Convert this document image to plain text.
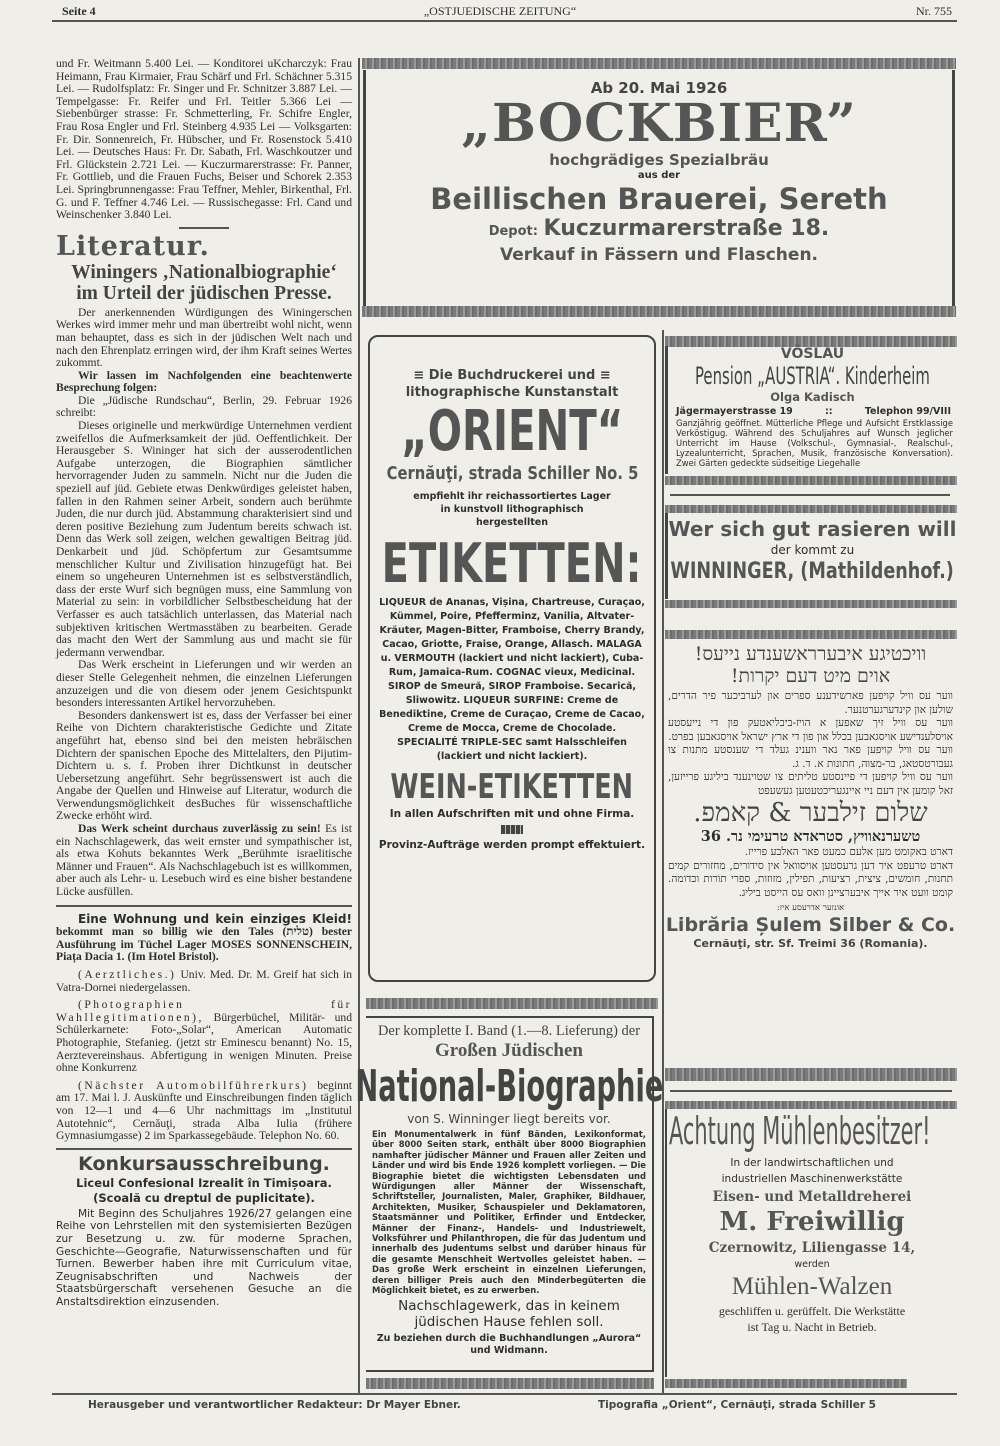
Seite 4	„OSTJUEDISCHE ZEITUNG“	Nr. 755

und Fr. Weitmann 5.400 Lei. — Konditorei uKcharczyk: Frau Heimann, Frau Kirmaier, Frau Schärf und Frl. Schächner 5.315 Lei. — Rudolfsplatz: Fr. Singer und Fr. Schnitzer 3.887 Lei. — Tempelgasse: Fr. Reifer und Frl. Teitler 5.366 Lei — Siebenbürger strasse: Fr. Schmetterling, Fr. Schifre Engler, Frau Rosa Engler und Frl. Steinberg 4.935 Lei — Volksgarten: Fr. Dir. Sonnenreich, Fr. Hübscher, und Fr. Rosenstock 5.410 Lei. — Deutsches Haus: Fr. Dr. Sabath, Frl. Waschkoutzer und Frl. Glückstein 2.721 Lei. — Kuczurmarerstrasse: Fr. Panner, Fr. Gottlieb, und die Frauen Fuchs, Beiser und Schorek 2.353 Lei. Springbrunnengasse: Frau Teffner, Mehler, Birkenthal, Frl. G. und F. Teffner 4.746 Lei. — Russischegasse: Frl. Cand und Weinschenker 3.840 Lei.

Literatur.
Winingers ‚Nationalbiographie‘
im Urteil der jüdischen Presse.

Der anerkennenden Würdigungen des Winingerschen Werkes wird immer mehr und man übertreibt wohl nicht, wenn man behauptet, dass es sich in der jüdischen Welt nach und nach den Ehrenplatz erringen wird, der ihm Kraft seines Wertes zukommt.

Wir lassen im Nachfolgenden eine beachtenwerte Besprechung folgen:

Die „Jüdische Rundschau“, Berlin, 29. Februar 1926 schreibt:

Dieses originelle und merkwürdige Unternehmen verdient zweifellos die Aufmerksamkeit der jüd. Oeffentlichkeit. Der Herausgeber S. Wininger hat sich der ausserodentlichen Aufgabe unterzogen, die Biographien sämtlicher hervorragender Juden zu sammeln. Nicht nur die Juden die speziell auf jüd. Gebiete etwas Denkwürdiges geleistet haben, fallen in den Rahmen seiner Arbeit, sondern auch berühmte Juden, die nur durch jüd. Abstammung charakterisiert sind und deren positive Beziehung zum Judentum bereits schwach ist. Denn das Werk soll zeigen, welchen gewaltigen Beitrag jüd. Denkarbeit und jüd. Schöpfertum zur Gesamtsumme menschlicher Kultur und Zivilisation hinzugefügt hat. Bei einem so ungeheuren Unternehmen ist es selbstverständlich, dass der erste Wurf sich begnügen muss, eine Sammlung von Material zu sein: in vorbildlicher Selbstbescheidung hat der Verfasser es auch tatsächlich unterlassen, das Material nach subjektiven kritischen Wertmasstäben zu bearbeiten. Gerade das macht den Wert der Sammlung aus und macht sie für jedermann verwendbar.

Das Werk erscheint in Lieferungen und wir werden an dieser Stelle Gelegenheit nehmen, die einzelnen Lieferungen anzuzeigen und die von diesem oder jenem Gesichtspunkt besonders interessanten Artikel hervorzuheben.

Besonders dankenswert ist es, dass der Verfasser bei einer Reihe von Dichtern charakteristische Gedichte und Zitate angeführt hat, ebenso sind bei den meisten hebräischen Dichtern der spanischen Epoche des Mittelalters, den Pijutim-Dichtern u. s. f. Proben ihrer Dichtkunst in deutscher Uebersetzung angeführt. Sehr begrüssenswert ist auch die Angabe der Quellen und Hinweise auf Literatur, wodurch die Verwendungsmöglichkeit desBuches für wissenschaftliche Zwecke erhöht wird.

Das Werk scheint durchaus zuverlässig zu sein! Es ist ein Nachschlagewerk, das weit ernster und sympathischer ist, als etwa Kohuts bekanntes Werk „Berühmte israelitische Männer und Frauen“. Als Nachschlagebuch ist es willkommen, aber auch als Lehr- u. Lesebuch wird es eine bisher bestandene Lücke ausfüllen.

Eine Wohnung und kein einziges Kleid! bekommt man so billig wie den Tales (טלית) bester Ausführung im Tüchel Lager MOSES SONNENSCHEIN, Piața Dacia 1. (Im Hotel Bristol).

(Aerztliches.) Univ. Med. Dr. M. Greif hat sich in Vatra-Dornei niedergelassen.

(Photographien für Wahllegitimationen), Bürgerbüchel, Militär- und Schülerkarnete: Foto-„Solar“, American Automatic Photographie, Stefanieg. (jetzt str Eminescu benannt) No. 15, Aerztevereinshaus. Abfertigung in wenigen Minuten. Preise ohne Konkurrenz

(Nächster Automobilführerkurs) beginnt am 17. Mai l. J. Auskünfte und Einschreibungen finden täglich von 12—1 und 4—6 Uhr nachmittags im „Institutul Autotehnic“, Cernăuţi, strada Alba Iulia (frühere Gymnasiumgasse) 2 im Sparkassegebäude. Telephon No. 60.

Konkursausschreibung.
Liceul Confesional Izrealit în Timișoara.
(Scoală cu dreptul de puplicitate).

Mit Beginn des Schuljahres 1926/27 gelangen eine Reihe von Lehrstellen mit den systemisierten Bezügen zur Besetzung u. zw. für moderne Sprachen, Geschichte—Geografie, Naturwissenschaften und für Turnen. Bewerber haben ihre mit Curriculum vitae, Zeugnisabschriften und Nachweis der Staatsbürgerschaft versehenen Gesuche an die Anstaltsdirektion einzusenden.

Ab 20. Mai 1926
„BOCKBIER”
hochgrädiges Spezialbräu
aus der
Beillischen Brauerei, Sereth
Depot: Kuczurmarerstraße 18.
Verkauf in Fässern und Flaschen.
≡ Die Buchdruckerei und ≡
lithographische Kunstanstalt
„ORIENT“
Cernăuţi, strada Schiller No. 5
empfiehlt ihr reichassortiertes Lager in kunstvoll lithographisch hergestellten
ETIKETTEN:
LIQUEUR de Ananas, Vișina, Chartreuse, Curaçao, Kümmel, Poire, Pfefferminz, Vanilia, Altvater-Kräuter, Magen-Bitter, Framboise, Cherry Brandy, Cacao, Griotte, Fraise, Orange, Allasch. MALAGA u. VERMOUTH (lackiert und nicht lackiert), Cuba-Rum, Jamaica-Rum. COGNAC vieux, Medicinal. SIROP de Smeură, SIROP Framboise. Secarică, Sliwowitz. LIQUEUR SURFINE: Creme de Benediktine, Creme de Curaçao, Creme de Cacao, Creme de Mocca, Creme de Chocolade. SPECIALITÉ TRIPLE-SEC samt Halsschleifen (lackiert und nicht lackiert).
WEIN-ETIKETTEN
In allen Aufschriften mit und ohne Firma.
Provinz-Aufträge werden prompt effektuiert.
Der komplette I. Band (1.—8. Lieferung) der
Großen Jüdischen
National-Biographie
von S. Winninger liegt bereits vor.
Ein Monumentalwerk in fünf Bänden, Lexikonformat, über 8000 Seiten stark, enthält über 8000 Biographien namhafter jüdischer Männer und Frauen aller Zeiten und Länder und wird bis Ende 1926 komplett vorliegen. — Die Biographie bietet die wichtigsten Lebensdaten und Würdigungen aller Männer der Wissenschaft, Schriftsteller, Journalisten, Maler, Graphiker, Bildhauer, Architekten, Musiker, Schauspieler und Deklamatoren, Staatsmänner und Politiker, Erfinder und Entdecker, Männer der Finanz-, Handels- und Industriewelt, Volksführer und Philanthropen, die für das Judentum und innerhalb des Judentums selbst und darüber hinaus für die gesamte Menschheit Wertvolles geleistet haben. — Das große Werk erscheint in einzelnen Lieferungen, deren billiger Preis auch den Minderbegüterten die Möglichkeit bietet, es zu erwerben.
Nachschlagewerk, das in keinem jüdischen Hause fehlen soll.
Zu beziehen durch die Buchhandlungen „Aurora“ und Widmann.
VÖSLAU
Pension „AUSTRIA“. Kinderheim
Olga Kadisch
Jägermayerstrasse 19	::	Telephon 99/VIII
Ganzjährig geöffnet. Mütterliche Pflege und Aufsicht Erstklassige Verköstigug. Während des Schuljahres auf Wunsch jeglicher Unterricht im Hause (Volkschul-, Gymnasial-, Realschul-, Lyzealunterricht, Sprachen, Musik, französische Konversation). Zwei Gärten gedeckte südseitige Liegehalle
Wer sich gut rasieren will
der kommt zu
WINNINGER, (Mathildenhof.)
וויכטיגע איבערראשענדע נייעס!
אוים מיט דעם יקרות!

ווער עס וויל קויפען פארשידענע ספרים און לערביכער פיר הדרים, שולען און קינדערגערטנער.

ווער עס וויל זיך שאפען א הויז-ביבליאטעק פון די נייעסטע אויסלענדישע אויסגאבען בכלל און פון די ארץ ישראל אויסגאבען בפרט.

ווער עס וויל קויפען פאר נאר ווענינ געלד די שענסטע מתנות צו געבורטסטאג, בר-מצוה, חתונות א. ד. ג.

ווער עס וויל קויפען די פיינסטע טליתים צו שטוינענד ביליגע פרייזען, זאל קומען אין דעם ניי איינגעריכטעטען געשעפט

שלום זילבער & קאמפ.
טשערנאוויץ, סטראדא טרעימי נר. 36

דארט באקומט מען אלעם כמעט פאר האלבע פרייז.

דארט טרעפט איר דען גרעסטען אויסוואל אין סידורים, מחזורים קמים תחנות, חומשים, ציצית, רציעות, תפילין, מזוזות, ספרי תורות וכדומה. קומט וועט איר אייך איבערציינן וואס עס הייסט ביליג.

אונזער אדרעסע איז:
Librăria Șulem Silber & Co.
Cernăuţi, str. Sf. Treimi 36 (Romania).
Achtung Mühlenbesitzer!
In der landwirtschaftlichen und industriellen Maschinenwerkstätte
Eisen- und Metalldreherei
M. Freiwillig
Czernowitz, Liliengasse 14,
werden
Mühlen-Walzen
geschliffen u. gerüffelt. Die Werkstätte ist Tag u. Nacht in Betrieb.
Herausgeber und verantwortlicher Redakteur: Dr Mayer Ebner.	Tipografia „Orient“, Cernăuţi, strada Schiller 5
